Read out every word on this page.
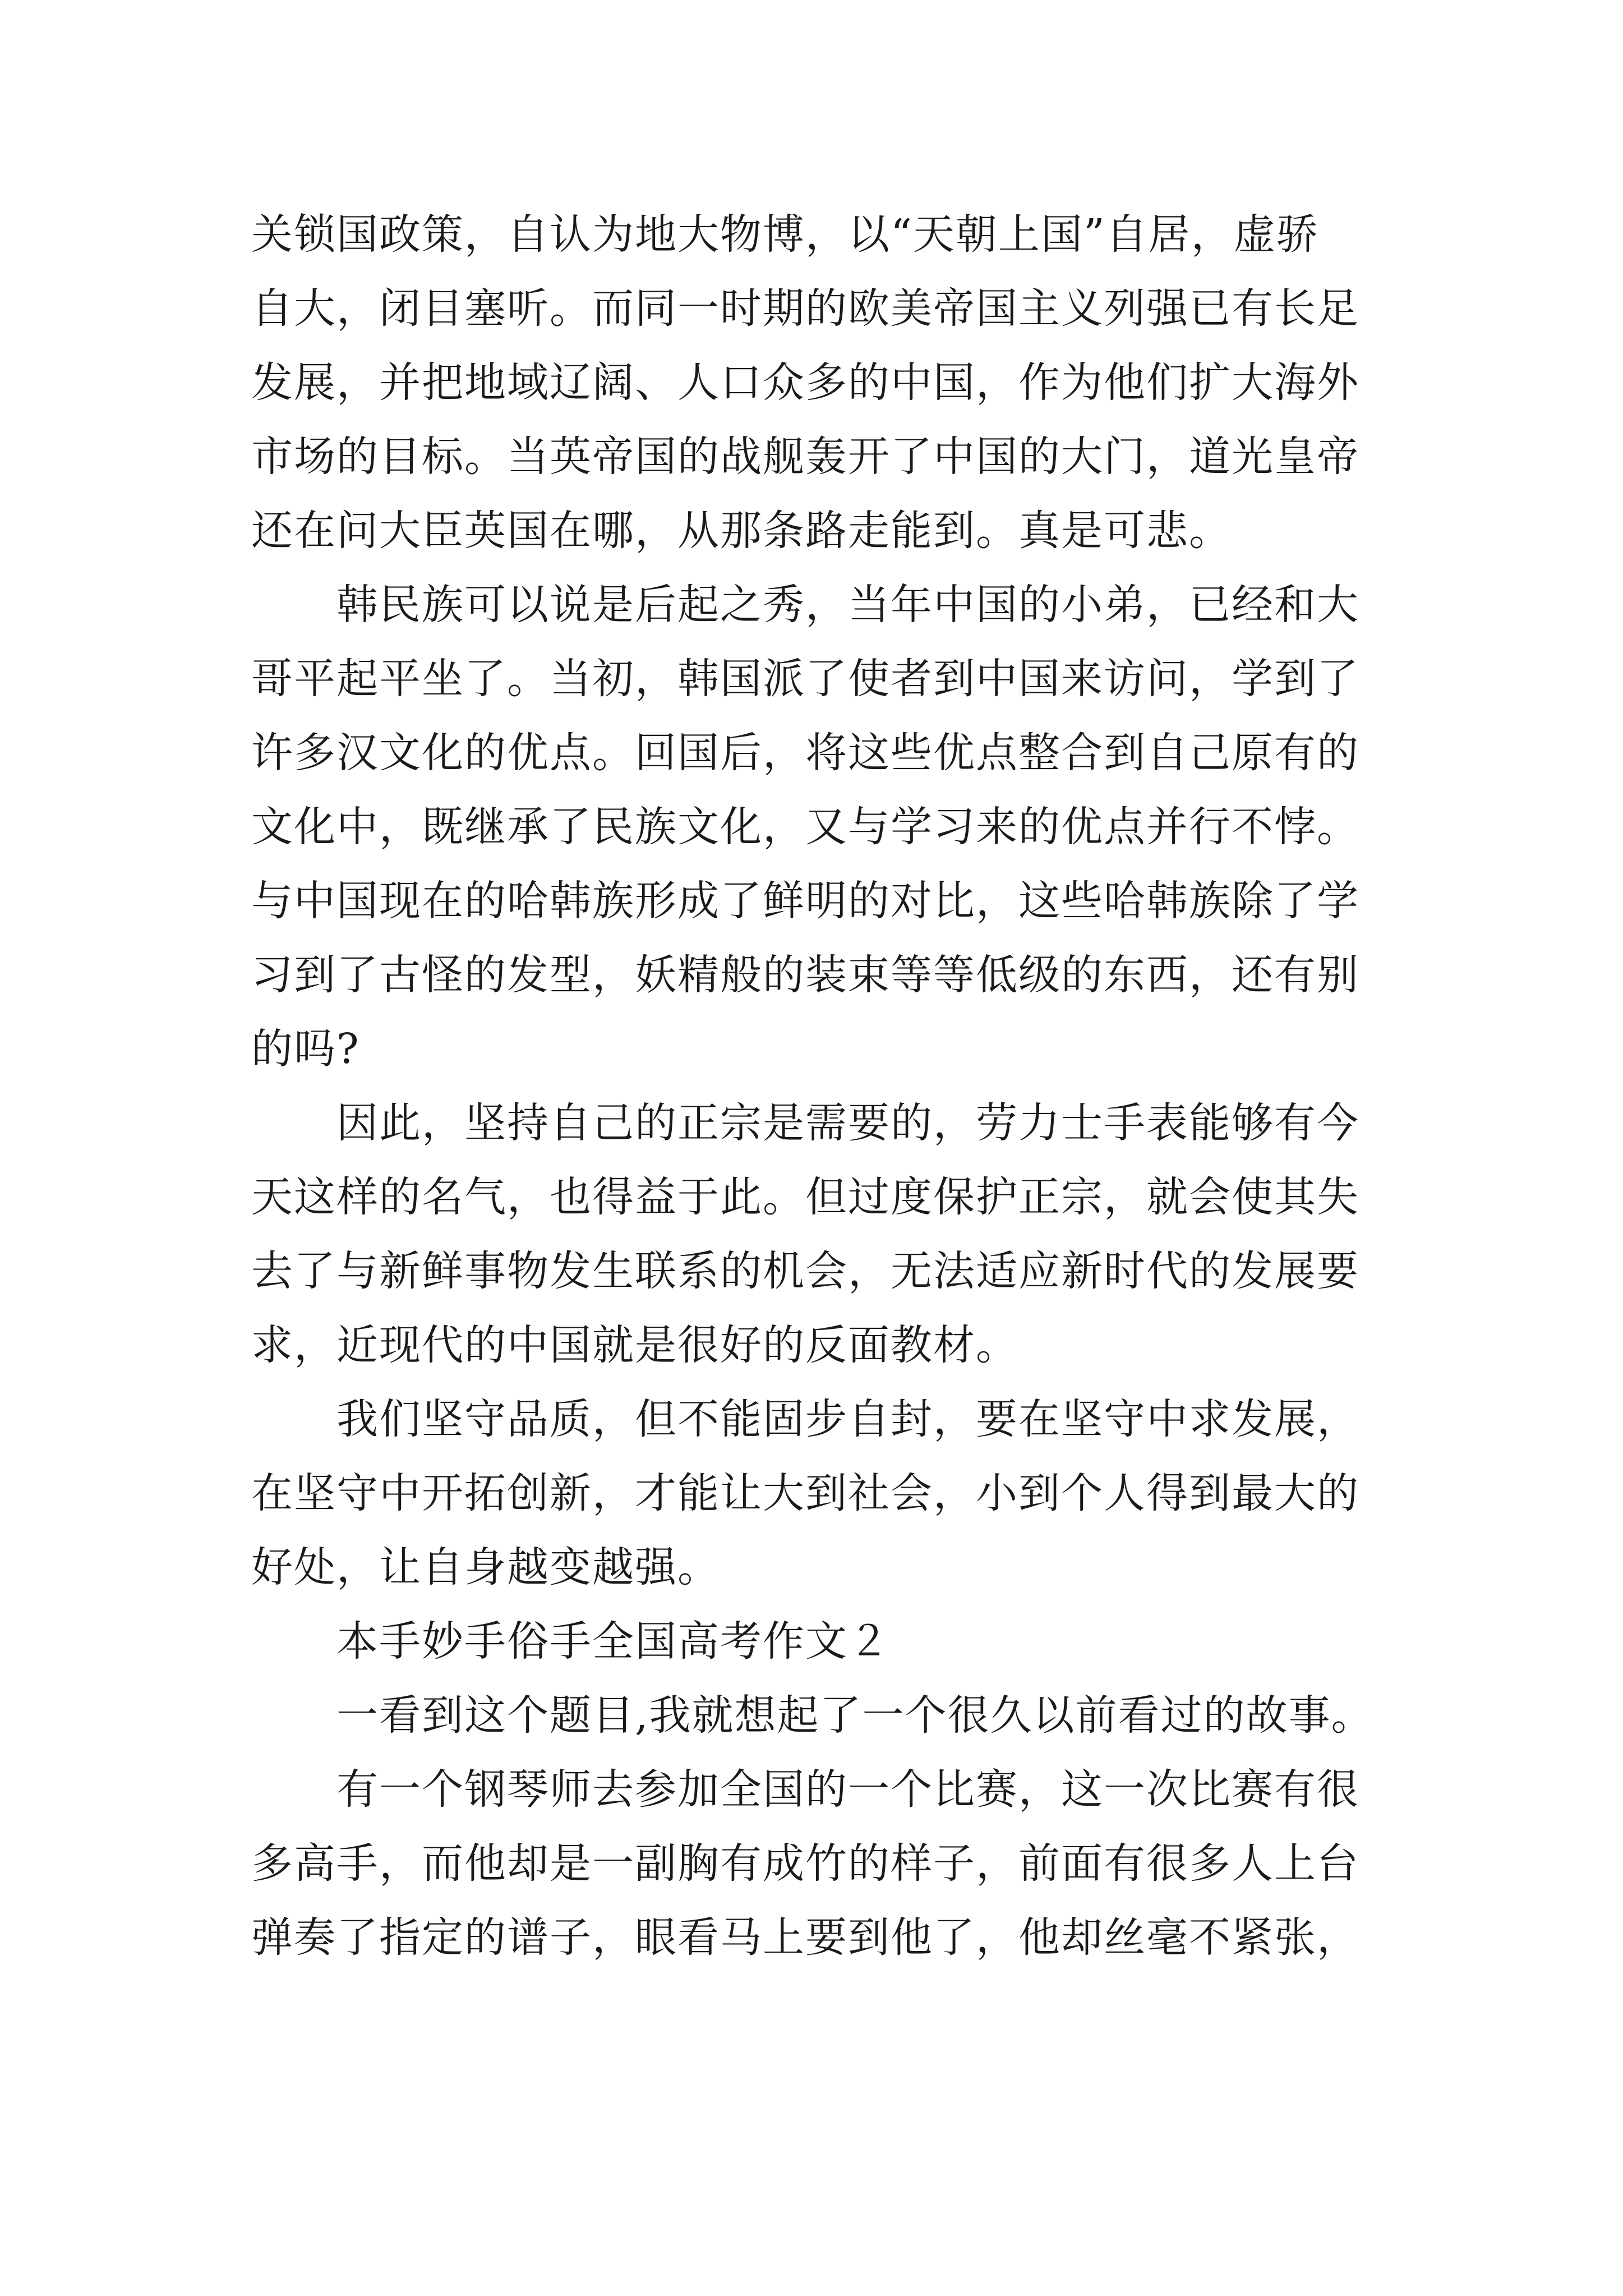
关锁国政策，自认为地大物博，以“天朝上国”自居，虚骄
自大，闭目塞听。而同一时期的欧美帝国主义列强已有长足
发展，并把地域辽阔、人口众多的中国，作为他们扩大海外
市场的目标。当英帝国的战舰轰开了中国的大门，道光皇帝
还在问大臣英国在哪，从那条路走能到。真是可悲。
韩民族可以说是后起之秀，当年中国的小弟，已经和大
哥平起平坐了。当初，韩国派了使者到中国来访问，学到了
许多汉文化的优点。回国后，将这些优点整合到自己原有的
文化中，既继承了民族文化，又与学习来的优点并行不悖。
与中国现在的哈韩族形成了鲜明的对比，这些哈韩族除了学
习到了古怪的发型，妖精般的装束等等低级的东西，还有别
的吗?
因此，坚持自己的正宗是需要的，劳力士手表能够有今
天这样的名气，也得益于此。但过度保护正宗，就会使其失
去了与新鲜事物发生联系的机会，无法适应新时代的发展要
求，近现代的中国就是很好的反面教材。
我们坚守品质，但不能固步自封，要在坚守中求发展，
在坚守中开拓创新，才能让大到社会，小到个人得到最大的
好处，让自身越变越强。
本手妙手俗手全国高考作文２
一看到这个题目,我就想起了一个很久以前看过的故事。
有一个钢琴师去参加全国的一个比赛，这一次比赛有很
多高手，而他却是一副胸有成竹的样子，前面有很多人上台
弹奏了指定的谱子，眼看马上要到他了，他却丝毫不紧张，
